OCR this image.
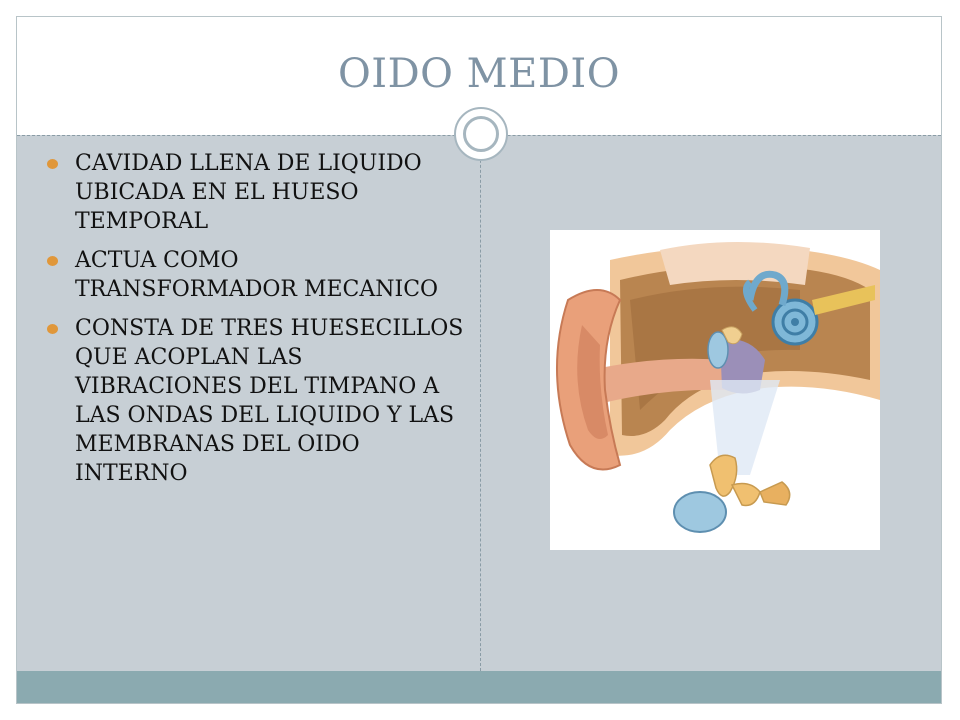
OIDO MEDIO
CAVIDAD LLENA DE LIQUIDO UBICADA EN EL HUESO TEMPORAL
ACTUA COMO TRANSFORMADOR MECANICO
CONSTA DE TRES HUESECILLOS QUE ACOPLAN LAS VIBRACIONES DEL TIMPANO A LAS ONDAS DEL LIQUIDO Y LAS MEMBRANAS DEL OIDO INTERNO
